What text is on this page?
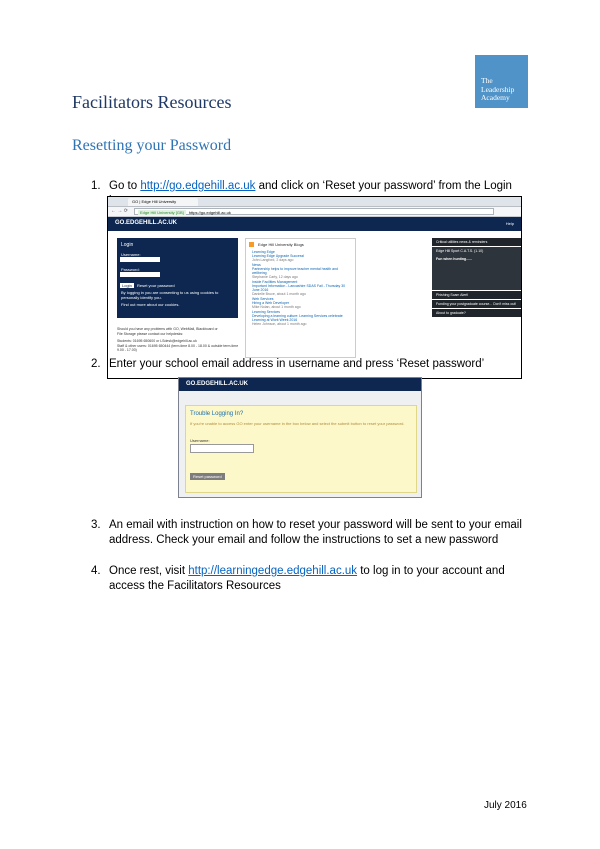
The
Leadership
Academy
Facilitators Resources
Resetting your Password
1. Go to http://go.edgehill.ac.uk and click on ‘Reset your password’ from the Login
GO | Edge Hill University
← → ⟳	Edge Hill University [GB] https://go.edgehill.ac.uk
GO.EDGEHILL.AC.UK	Help
Login
Username:
Password:
Login	Reset your password
By logging in you are consenting to us using cookies to personally identify you.
Find out more about our cookies.
Should you have any problems with GO, WebMail, Blackboard or
File Storage please contact our helpdesks:
Students: 01695 650600 or LSdesk@edgehill.ac.uk
Staff & other users: 01695 650444 (term-time 8.00 - 18.00 & outside term-time 9.00 - 17.00)
Edge Hill University Blogs
Learning Edge
Learning Edge Upgrade Success!
John Langford, 2 days ago
News
Partnership helps to improve teacher mental health and
wellbeing
Stephanie Carty, 12 days ago
Inside Facilities Management
Important Information - Lancashire SDAS Fail - Thursday 30
June 2016
Danielle Bruce, about 1 month ago
Web Services
Hiring a Web Developer
Mike Nolan, about 1 month ago
Learning Services
Developing a learning culture: Learning Services celebrate
Learning at Work Week 2016
Helen Johnson, about 1 month ago
Critical utilities news & reminders
Edge Hill Sport C.A.T.S. (1.10)
Fun when hunting......
Phishing Scam Alert!
Funding your postgraduate course... Don't miss out!
About to graduate?
2. Enter your school email address in username and press ‘Reset password’
GO.EDGEHILL.AC.UK
Trouble Logging In?
If you're unable to access GO enter your username in the box below and select the submit button to reset your password.
Username:
Reset password
3. An email with instruction on how to reset your password will be sent to your email
address. Check your email and follow the instructions to set a new password
4. Once rest, visit http://learningedge.edgehill.ac.uk to log in to your account and
access the Facilitators Resources
July 2016
